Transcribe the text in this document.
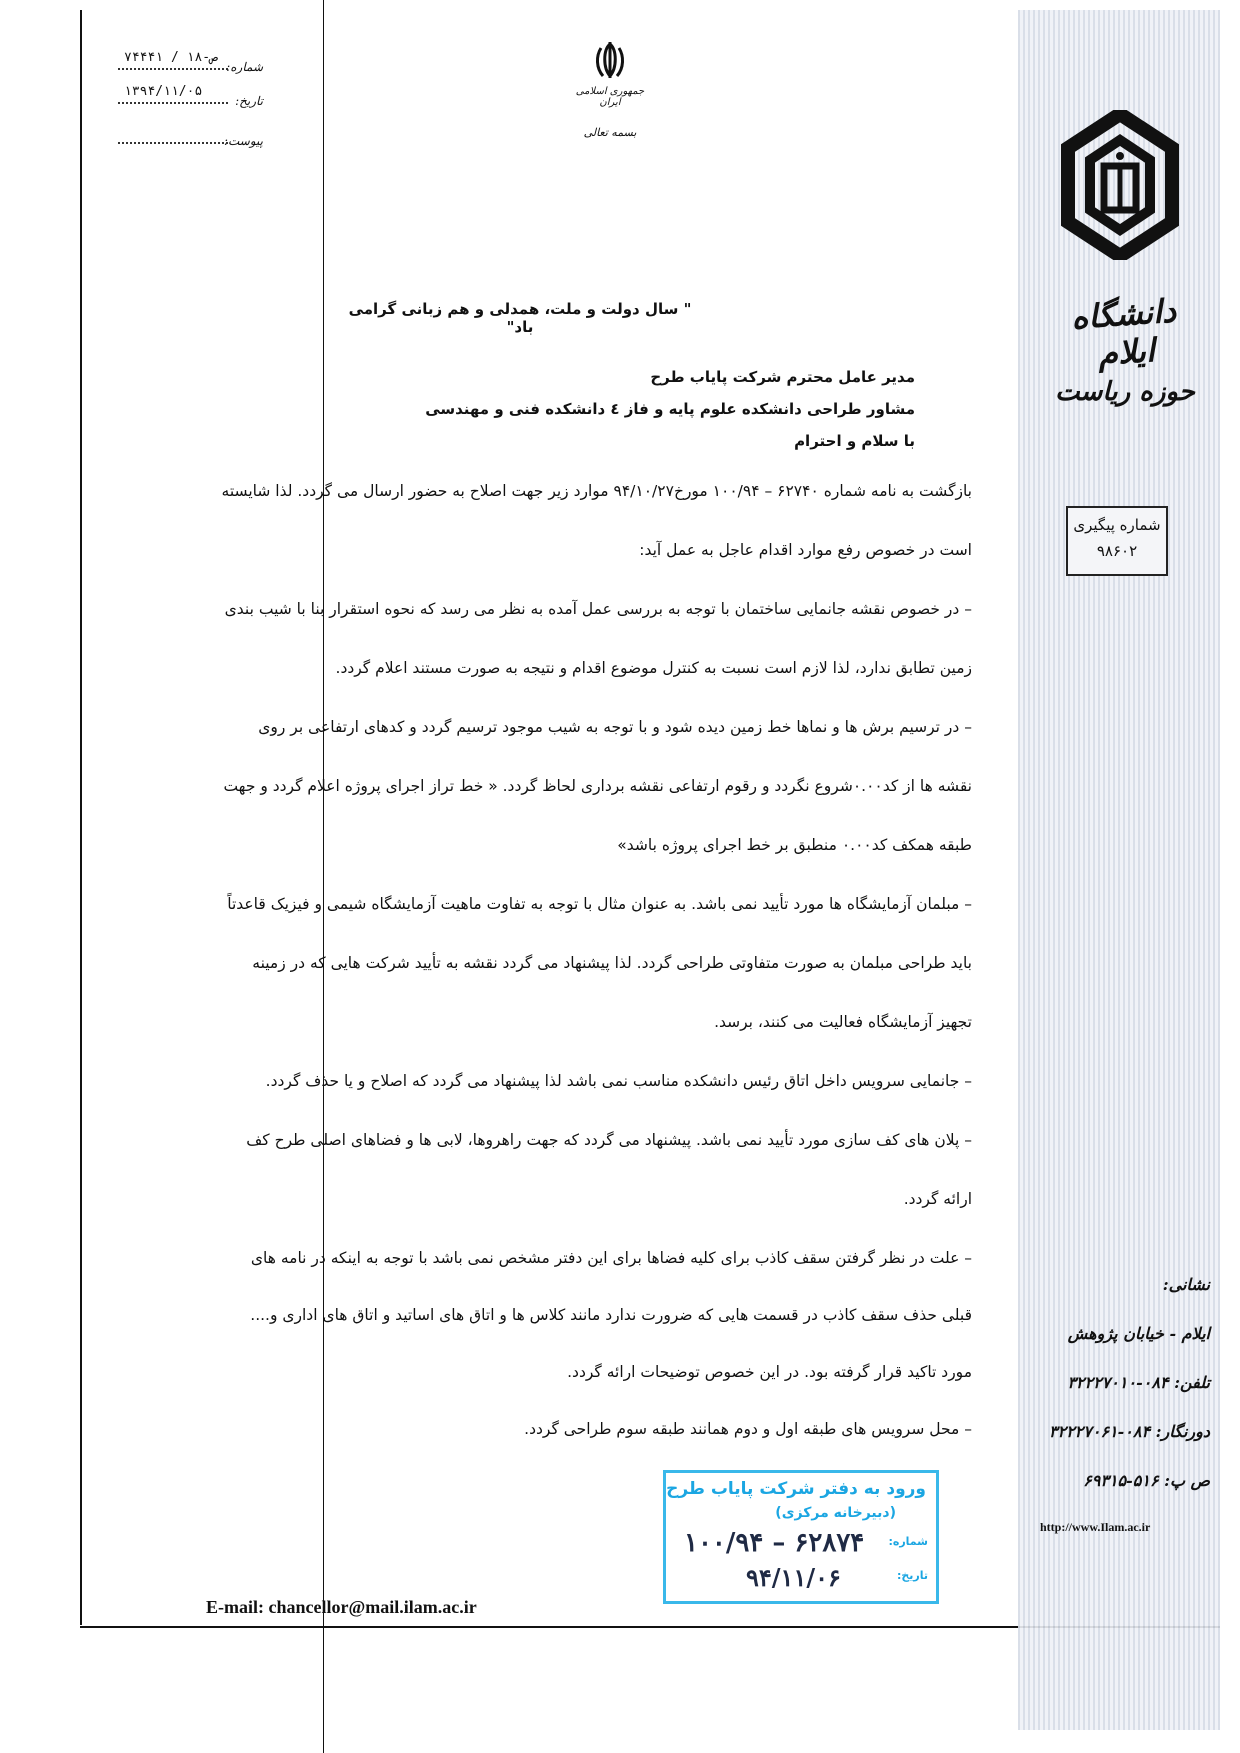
۷۴۴۴۱ / ۱۸-ص
شماره:
۱۳۹۴/۱۱/۰۵
تاریخ:
پیوست:
جمهوری اسلامی ایران
بسمه تعالی
دانشگاه ایلام
حوزه ریاست
شماره پیگیری
۹۸۶۰۲
" سال دولت و ملت، همدلی و هم زبانی گرامی باد"
مدیر عامل محترم شرکت پایاب طرح
مشاور طراحی دانشکده علوم پایه و فاز ٤ دانشکده فنی و مهندسی
با سلام و احترام

بازگشت به نامه شماره ۶۲۷۴۰ – ۱۰۰/۹۴ مورخ۹۴/۱۰/۲۷ موارد زیر جهت اصلاح به حضور ارسال می گردد. لذا شایسته

است در خصوص رفع موارد اقدام عاجل به عمل آید:

– در خصوص نقشه جانمایی ساختمان با توجه به بررسی عمل آمده به نظر می رسد که نحوه استقرار بنا با شیب بندی

زمین تطابق ندارد، لذا لازم است نسبت به کنترل موضوع اقدام و نتیجه به صورت مستند اعلام گردد.

– در ترسیم برش ها و نماها خط زمین دیده شود و با توجه به شیب موجود ترسیم گردد و کدهای ارتفاعی بر روی

نقشه ها از کد۰.۰۰شروع نگردد و رقوم ارتفاعی نقشه برداری لحاظ گردد. « خط تراز اجرای پروژه اعلام گردد و جهت

طبقه همکف کد۰.۰۰ منطبق بر خط اجرای پروژه باشد»

– مبلمان آزمایشگاه ها مورد تأیید نمی باشد. به عنوان مثال با توجه به تفاوت ماهیت آزمایشگاه شیمی و فیزیک قاعدتاً

باید طراحی مبلمان به صورت متفاوتی طراحی گردد. لذا پیشنهاد می گردد نقشه به تأیید شرکت هایی که در زمینه

تجهیز آزمایشگاه فعالیت می کنند، برسد.

– جانمایی سرویس داخل اتاق رئیس دانشکده مناسب نمی باشد لذا پیشنهاد می گردد که اصلاح و یا حذف گردد.

– پلان های کف سازی مورد تأیید نمی باشد. پیشنهاد می گردد که جهت راهروها، لابی ها و فضاهای اصلی طرح کف

ارائه گردد.

– علت در نظر گرفتن سقف کاذب برای کلیه فضاها برای این دفتر مشخص نمی باشد با توجه به اینکه در نامه های

قبلی حذف سقف کاذب در قسمت هایی که ضرورت ندارد مانند کلاس ها و اتاق های اساتید و اتاق های اداری و....

مورد تاکید قرار گرفته بود. در این خصوص توضیحات ارائه گردد.

– محل سرویس های طبقه اول و دوم همانند طبقه سوم طراحی گردد.

نشانی:
ایلام - خیابان پژوهش
تلفن: ۰۸۴-۳۲۲۲۷۰۱۰
دورنگار: ۰۸۴-۳۲۲۲۷۰۶۱
ص پ: ۵۱۶-۶۹۳۱۵
http://www.Ilam.ac.ir
ورود به دفتر شرکت پایاب طرح
(دبیرخانه مرکزی)
شماره:
۶۲۸۷۴ – ۱۰۰/۹۴
تاریخ:
۹۴/۱۱/۰۶
E-mail: chancellor@mail.ilam.ac.ir
